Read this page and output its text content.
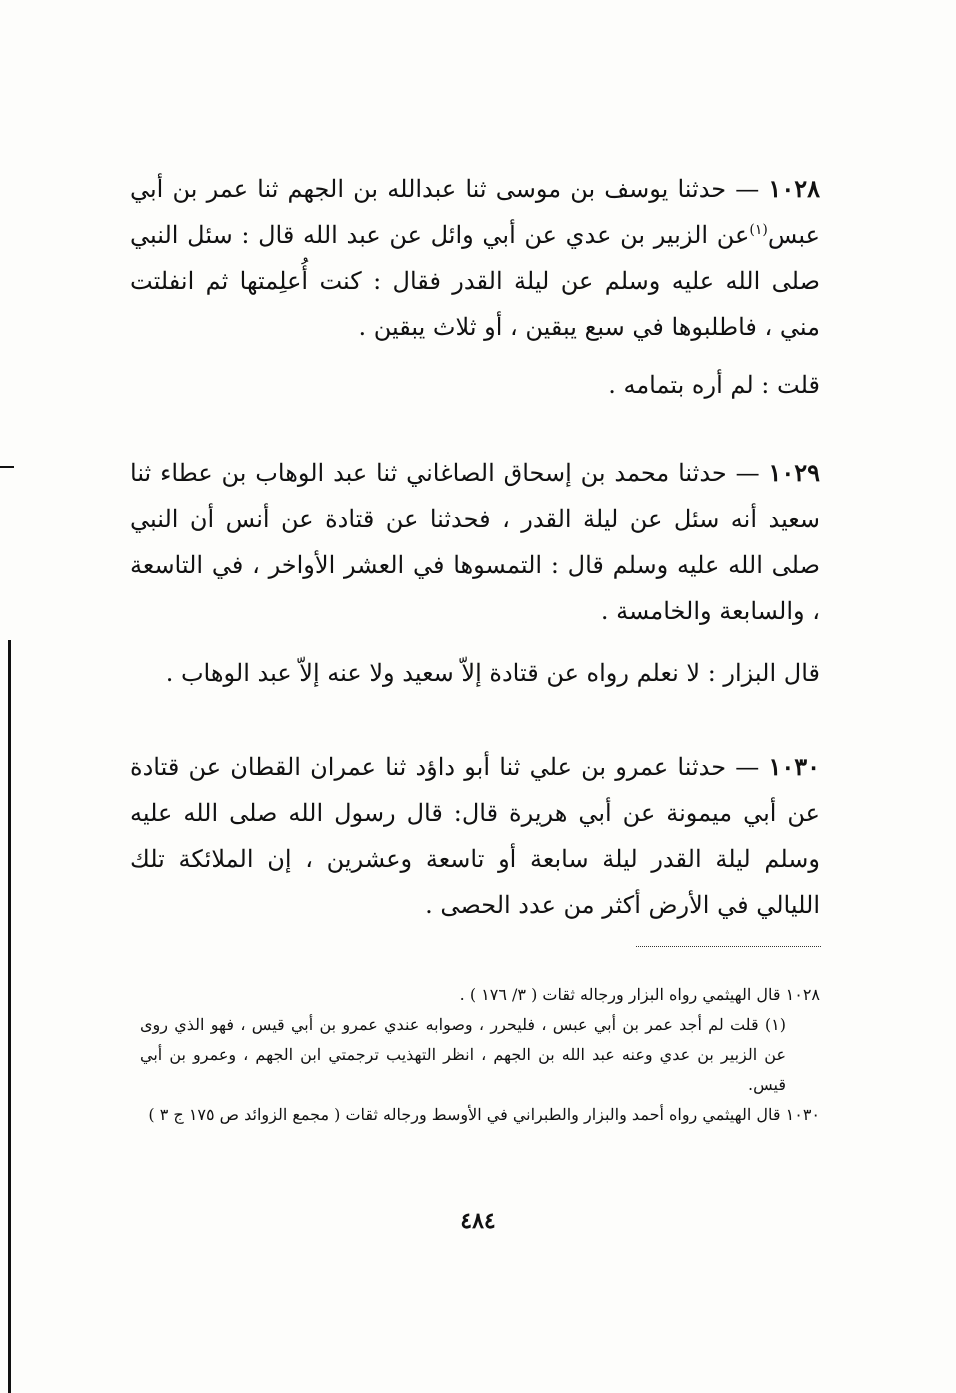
١٠٢٨ — حدثنا يوسف بن موسى ثنا عبدالله بن الجهم ثنا عمر بن أبي عبس$^{(١)}$عن الزبير بن عدي عن أبي وائل عن عبد الله قال : سئل النبي صلى الله عليه وسلم عن ليلة القدر فقال : كنت أُعلِمتها ثم انفلتت مني ، فاطلبوها في سبع يبقين ، أو ثلاث يبقين .
قلت : لم أره بتمامه .
١٠٢٩ — حدثنا محمد بن إسحاق الصاغاني ثنا عبد الوهاب بن عطاء ثنا سعيد أنه سئل عن ليلة القدر ، فحدثنا عن قتادة عن أنس أن النبي صلى الله عليه وسلم قال : التمسوها في العشر الأواخر ، في التاسعة ، والسابعة والخامسة .
قال البزار : لا نعلم رواه عن قتادة إلاّ سعيد ولا عنه إلاّ عبد الوهاب .
١٠٣٠ — حدثنا عمرو بن علي ثنا أبو داؤد ثنا عمران القطان عن قتادة عن أبي ميمونة عن أبي هريرة قال: قال رسول الله صلى الله عليه وسلم ليلة القدر ليلة سابعة أو تاسعة وعشرين ، إن الملائكة تلك الليالي في الأرض أكثر من عدد الحصى .

١٠٢٨ قال الهيثمي رواه البزار ورجاله ثقات ( ٣/ ١٧٦ ) .

(١) قلت لم أجد عمر بن أبي عبس ، فليحرر ، وصوابه عندي عمرو بن أبي قيس ، فهو الذي روى عن الزبير بن عدي وعنه عبد الله بن الجهم ، انظر التهذيب ترجمتي ابن الجهم ، وعمرو بن أبي قيس.

١٠٣٠ قال الهيثمي رواه أحمد والبزار والطبراني في الأوسط ورجاله ثقات ( مجمع الزوائد ص ١٧٥ ج ٣ )

٤٨٤
